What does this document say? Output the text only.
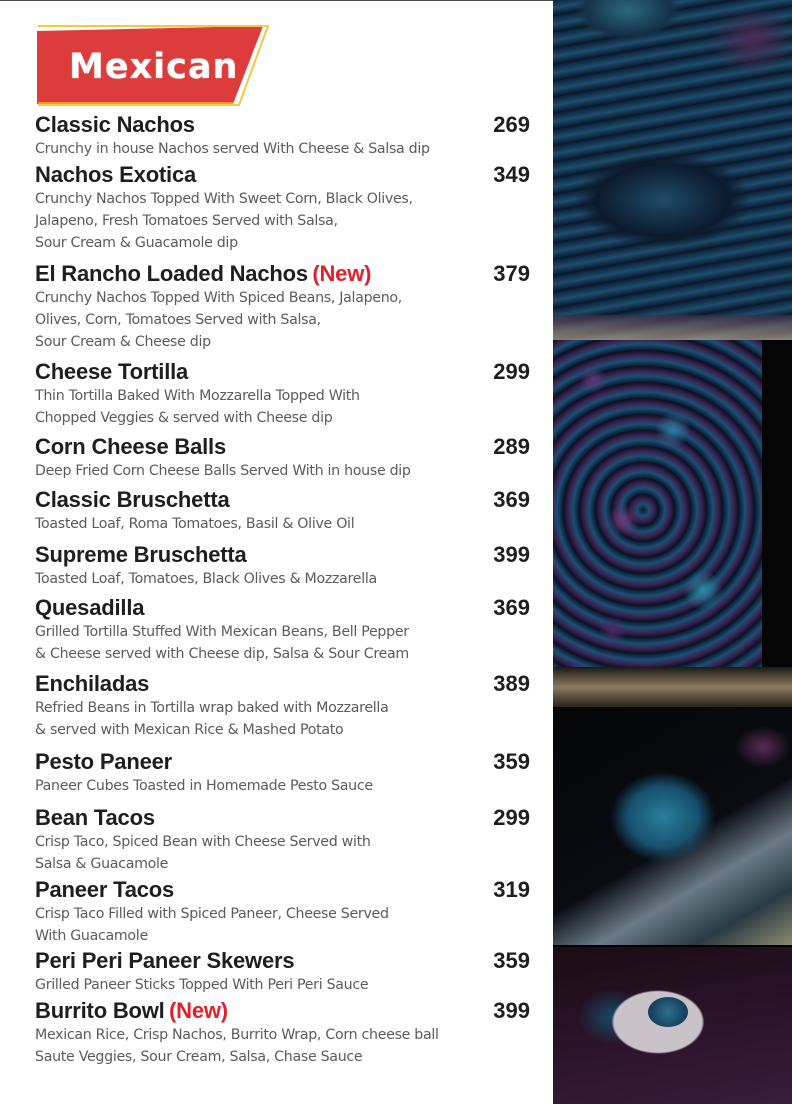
Mexican
Classic Nachos	269
Crunchy in house Nachos served With Cheese & Salsa dip
Nachos Exotica	349
Crunchy Nachos Topped With Sweet Corn, Black Olives,
Jalapeno, Fresh Tomatoes Served with Salsa,
Sour Cream & Guacamole dip
El Rancho Loaded Nachos (New)	379
Crunchy Nachos Topped With Spiced Beans, Jalapeno,
Olives, Corn, Tomatoes Served with Salsa,
Sour Cream & Cheese dip
Cheese Tortilla	299
Thin Tortilla Baked With Mozzarella Topped With
Chopped Veggies & served with Cheese dip
Corn Cheese Balls	289
Deep Fried Corn Cheese Balls Served With in house dip
Classic Bruschetta	369
Toasted Loaf, Roma Tomatoes, Basil & Olive Oil
Supreme Bruschetta	399
Toasted Loaf, Tomatoes, Black Olives & Mozzarella
Quesadilla	369
Grilled Tortilla Stuffed With Mexican Beans, Bell Pepper
& Cheese served with Cheese dip, Salsa & Sour Cream
Enchiladas	389
Refried Beans in Tortilla wrap baked with Mozzarella
& served with Mexican Rice & Mashed Potato
Pesto Paneer	359
Paneer Cubes Toasted in Homemade Pesto Sauce
Bean Tacos	299
Crisp Taco, Spiced Bean with Cheese Served with
Salsa & Guacamole
Paneer Tacos	319
Crisp Taco Filled with Spiced Paneer, Cheese Served
With Guacamole
Peri Peri Paneer Skewers	359
Grilled Paneer Sticks Topped With Peri Peri Sauce
Burrito Bowl (New)	399
Mexican Rice, Crisp Nachos, Burrito Wrap, Corn cheese ball
Saute Veggies, Sour Cream, Salsa, Chase Sauce
